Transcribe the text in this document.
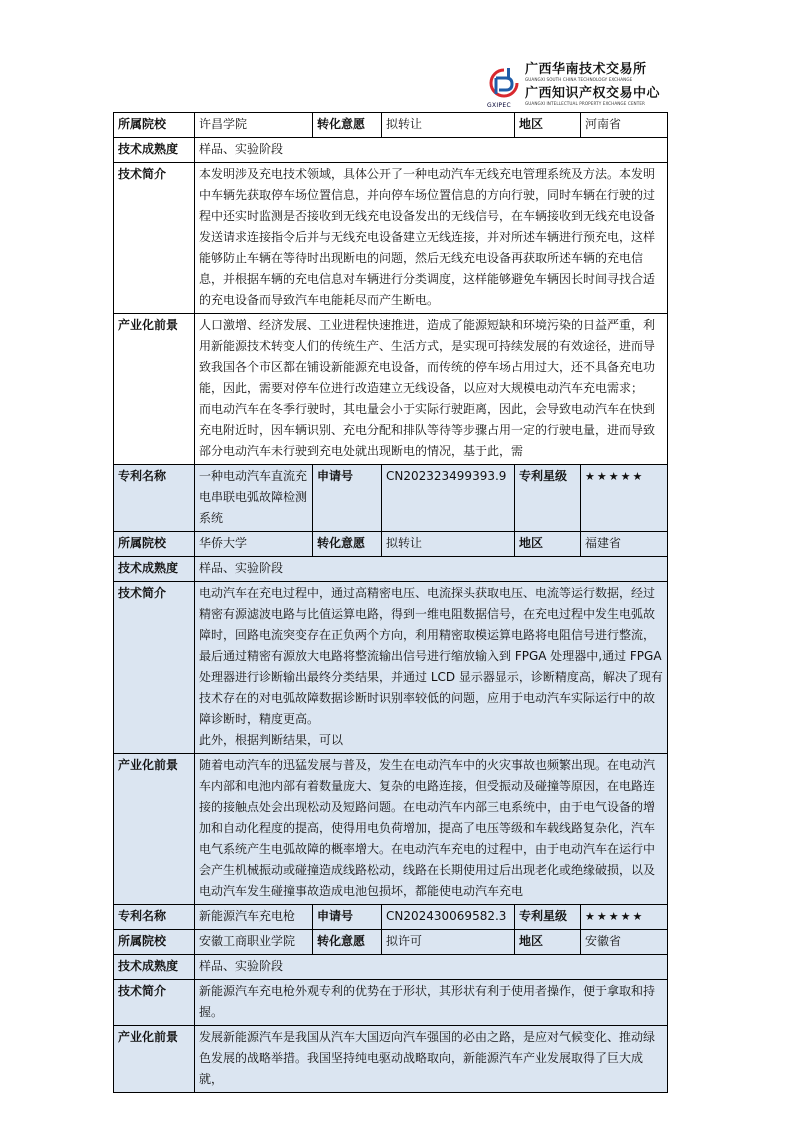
GXIPEC
广西华南技术交易所
GUANGXI SOUTH CHINA TECHNOLOGY EXCHANGE
广西知识产权交易中心
GUANGXI INTELLECTUAL PROPERTY EXCHANGE CENTER
所属院校	许昌学院	转化意愿	拟转让	地区	河南省
技术成熟度	样品、实验阶段				
技术简介	本发明涉及充电技术领域，具体公开了一种电动汽车无线充电管理系统及方法。本发明中车辆先获取停车场位置信息，并向停车场位置信息的方向行驶，同时车辆在行驶的过程中还实时监测是否接收到无线充电设备发出的无线信号，在车辆接收到无线充电设备发送请求连接指令后并与无线充电设备建立无线连接，并对所述车辆进行预充电，这样能够防止车辆在等待时出现断电的问题，然后无线充电设备再获取所述车辆的充电信息，并根据车辆的充电信息对车辆进行分类调度，这样能够避免车辆因长时间寻找合适的充电设备而导致汽车电能耗尽而产生断电。				
产业化前景	人口激增、经济发展、工业进程快速推进，造成了能源短缺和环境污染的日益严重，利用新能源技术转变人们的传统生产、生活方式，是实现可持续发展的有效途径，进而导致我国各个市区都在铺设新能源充电设备，而传统的停车场占用过大，还不具备充电功能，因此，需要对停车位进行改造建立无线设备，以应对大规模电动汽车充电需求；
而电动汽车在冬季行驶时，其电量会小于实际行驶距离，因此，会导致电动汽车在快到充电附近时，因车辆识别、充电分配和排队等待等步骤占用一定的行驶电量，进而导致部分电动汽车未行驶到充电处就出现断电的情况，基于此，需				

专利名称	一种电动汽车直流充电串联电弧故障检测系统	申请号	CN202323499393.9	专利星级	★★★★★
所属院校	华侨大学	转化意愿	拟转让	地区	福建省
技术成熟度	样品、实验阶段				
技术简介	电动汽车在充电过程中，通过高精密电压、电流探头获取电压、电流等运行数据，经过精密有源滤波电路与比值运算电路，得到一维电阻数据信号，在充电过程中发生电弧故障时，回路电流突变存在正负两个方向，利用精密取模运算电路将电阻信号进行整流，最后通过精密有源放大电路将整流输出信号进行缩放输入到 FPGA 处理器中,通过 FPGA 处理器进行诊断输出最终分类结果，并通过 LCD 显示器显示，诊断精度高，解决了现有技术存在的对电弧故障数据诊断时识别率较低的问题，应用于电动汽车实际运行中的故障诊断时，精度更高。
此外，根据判断结果，可以				

产业化前景	随着电动汽车的迅猛发展与普及，发生在电动汽车中的火灾事故也频繁出现。在电动汽车内部和电池内部有着数量庞大、复杂的电路连接，但受振动及碰撞等原因，在电路连接的接触点处会出现松动及短路问题。在电动汽车内部三电系统中，由于电气设备的增加和自动化程度的提高，使得用电负荷增加，提高了电压等级和车载线路复杂化，汽车电气系统产生电弧故障的概率增大。在电动汽车充电的过程中，由于电动汽车在运行中会产生机械振动或碰撞造成线路松动，线路在长期使用过后出现老化或绝缘破损，以及电动汽车发生碰撞事故造成电池包损坏，都能使电动汽车充电				
专利名称	新能源汽车充电枪	申请号	CN202430069582.3	专利星级	★★★★★
所属院校	安徽工商职业学院	转化意愿	拟许可	地区	安徽省
技术成熟度	样品、实验阶段				
技术简介	新能源汽车充电枪外观专利的优势在于形状，其形状有利于使用者操作，便于拿取和持握。				
产业化前景	发展新能源汽车是我国从汽车大国迈向汽车强国的必由之路，是应对气候变化、推动绿色发展的战略举措。我国坚持纯电驱动战略取向，新能源汽车产业发展取得了巨大成就，				
